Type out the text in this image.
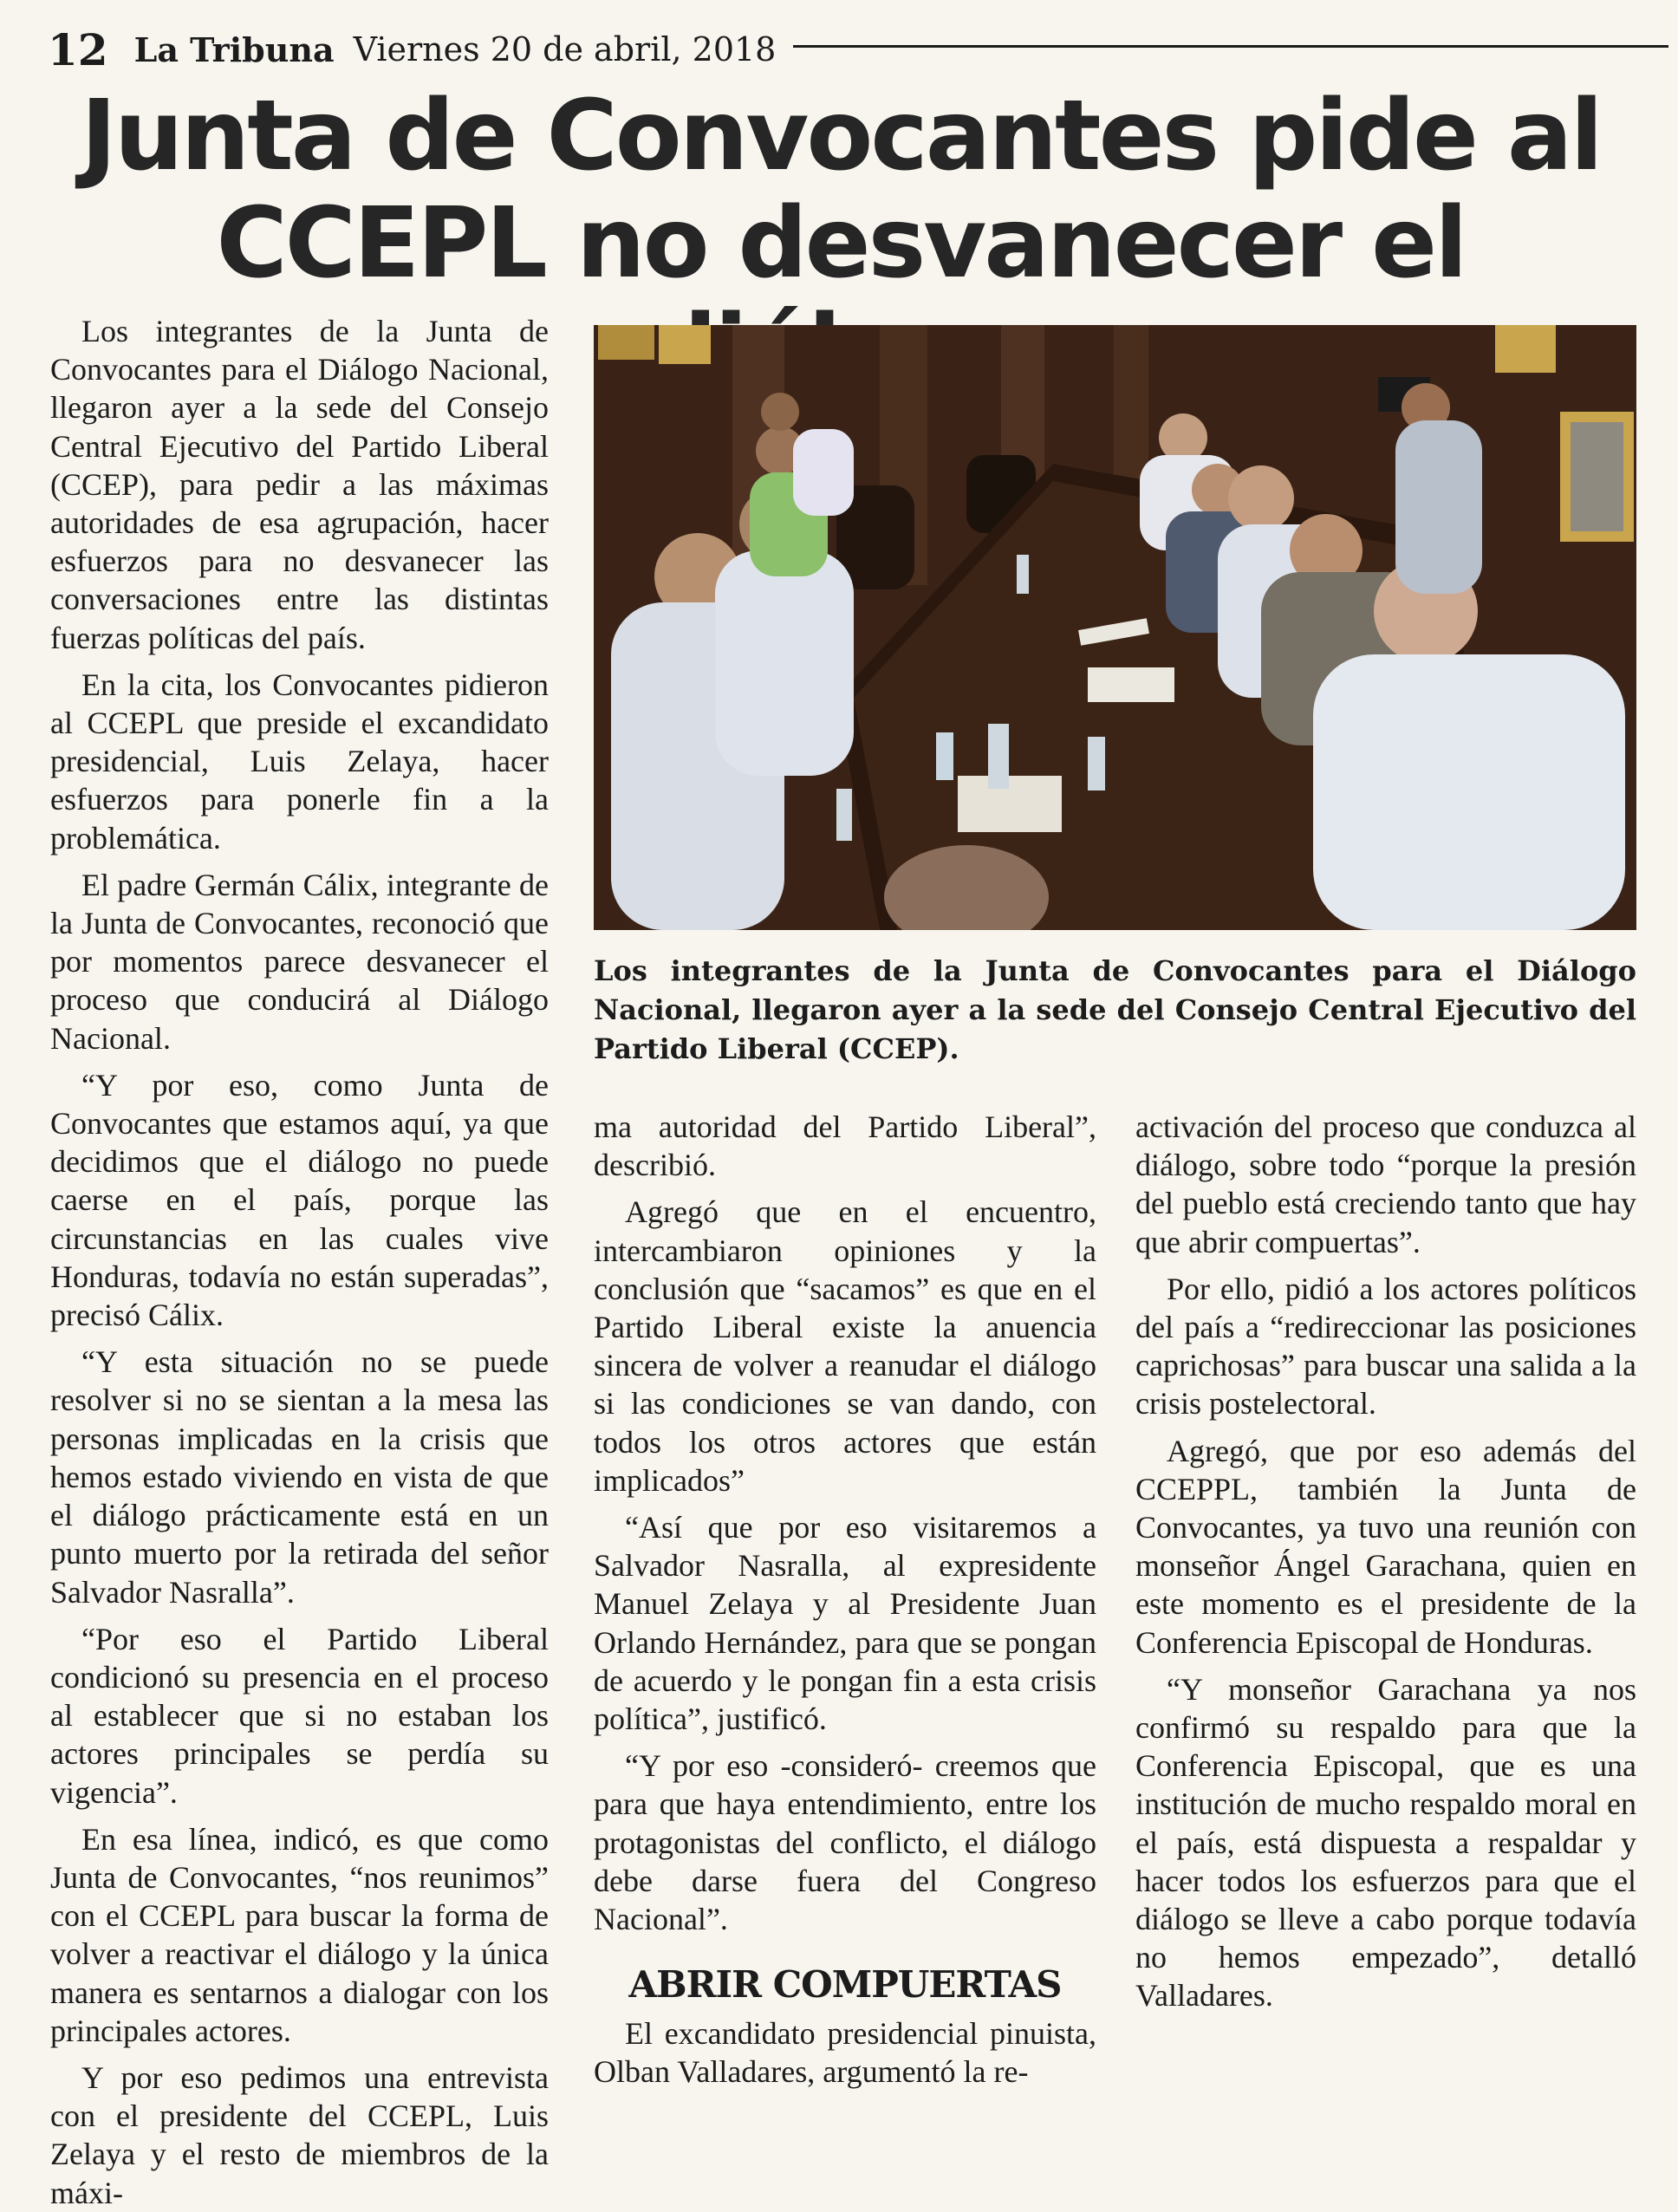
12 La Tribuna Viernes 20 de abril, 2018
Junta de Convocantes pide al
CCEPL no desvanecer el

Los integrantes de la Junta de Convocantes para el Diálogo Nacional, llegaron ayer a la sede del Consejo Central Ejecutivo del Partido Liberal (CCEP), para pedir a las máximas autoridades de esa agrupación, hacer esfuerzos para no desvanecer las conversaciones entre las distintas fuerzas políticas del país.

En la cita, los Convocantes pidieron al CCEPL que preside el excandidato presidencial, Luis Zelaya, hacer esfuerzos para ponerle fin a la problemática.

El padre Germán Cálix, integrante de la Junta de Convocantes, reconoció que por momentos parece desvanecer el proceso que conducirá al Diálogo Nacional.

“Y por eso, como Junta de Convocantes que estamos aquí, ya que decidimos que el diálogo no puede caerse en el país, porque las circunstancias en las cuales vive Honduras, todavía no están superadas”, precisó Cálix.

“Y esta situación no se puede resolver si no se sientan a la mesa las personas implicadas en la crisis que hemos estado viviendo en vista de que el diálogo prácticamente está en un punto muerto por la retirada del señor Salvador Nasralla”.

“Por eso el Partido Liberal condicionó su presencia en el proceso al establecer que si no estaban los actores principales se perdía su vigencia”.

En esa línea, indicó, es que como Junta de Convocantes, “nos reunimos” con el CCEPL para buscar la forma de volver a reactivar el diálogo y la única manera es sentarnos a dialogar con los principales actores.

Y por eso pedimos una entrevista con el presidente del CCEPL, Luis Zelaya y el resto de miembros de la máxi-

Los integrantes de la Junta de Convocantes para el Diálogo Nacional, llegaron ayer a la sede del Consejo Central Ejecutivo del Partido Liberal (CCEP).

ma autoridad del Partido Liberal”, describió.

Agregó que en el encuentro, intercambiaron opiniones y la conclusión que “sacamos” es que en el Partido Liberal existe la anuencia sincera de volver a reanudar el diálogo si las condiciones se van dando, con todos los otros actores que están implicados”

“Así que por eso visitaremos a Salvador Nasralla, al expresidente Manuel Zelaya y al Presidente Juan Orlando Hernández, para que se pongan de acuerdo y le pongan fin a esta crisis política”, justificó.

“Y por eso -consideró- creemos que para que haya entendimiento, entre los protagonistas del conflicto, el diálogo debe darse fuera del Congreso Nacional”.

ABRIR COMPUERTAS

El excandidato presidencial pinuista, Olban Valladares, argumentó la re-

activación del proceso que conduzca al diálogo, sobre todo “porque la presión del pueblo está creciendo tanto que hay que abrir compuertas”.

Por ello, pidió a los actores políticos del país a “redireccionar las posiciones caprichosas” para buscar una salida a la crisis postelectoral.

Agregó, que por eso además del CCEPPL, también la Junta de Convocantes, ya tuvo una reunión con monseñor Ángel Garachana, quien en este momento es el presidente de la Conferencia Episcopal de Honduras.

“Y monseñor Garachana ya nos confirmó su respaldo para que la Conferencia Episcopal, que es una institución de mucho respaldo moral en el país, está dispuesta a respaldar y hacer todos los esfuerzos para que el diálogo se lleve a cabo porque todavía no hemos empezado”, detalló Valladares.
